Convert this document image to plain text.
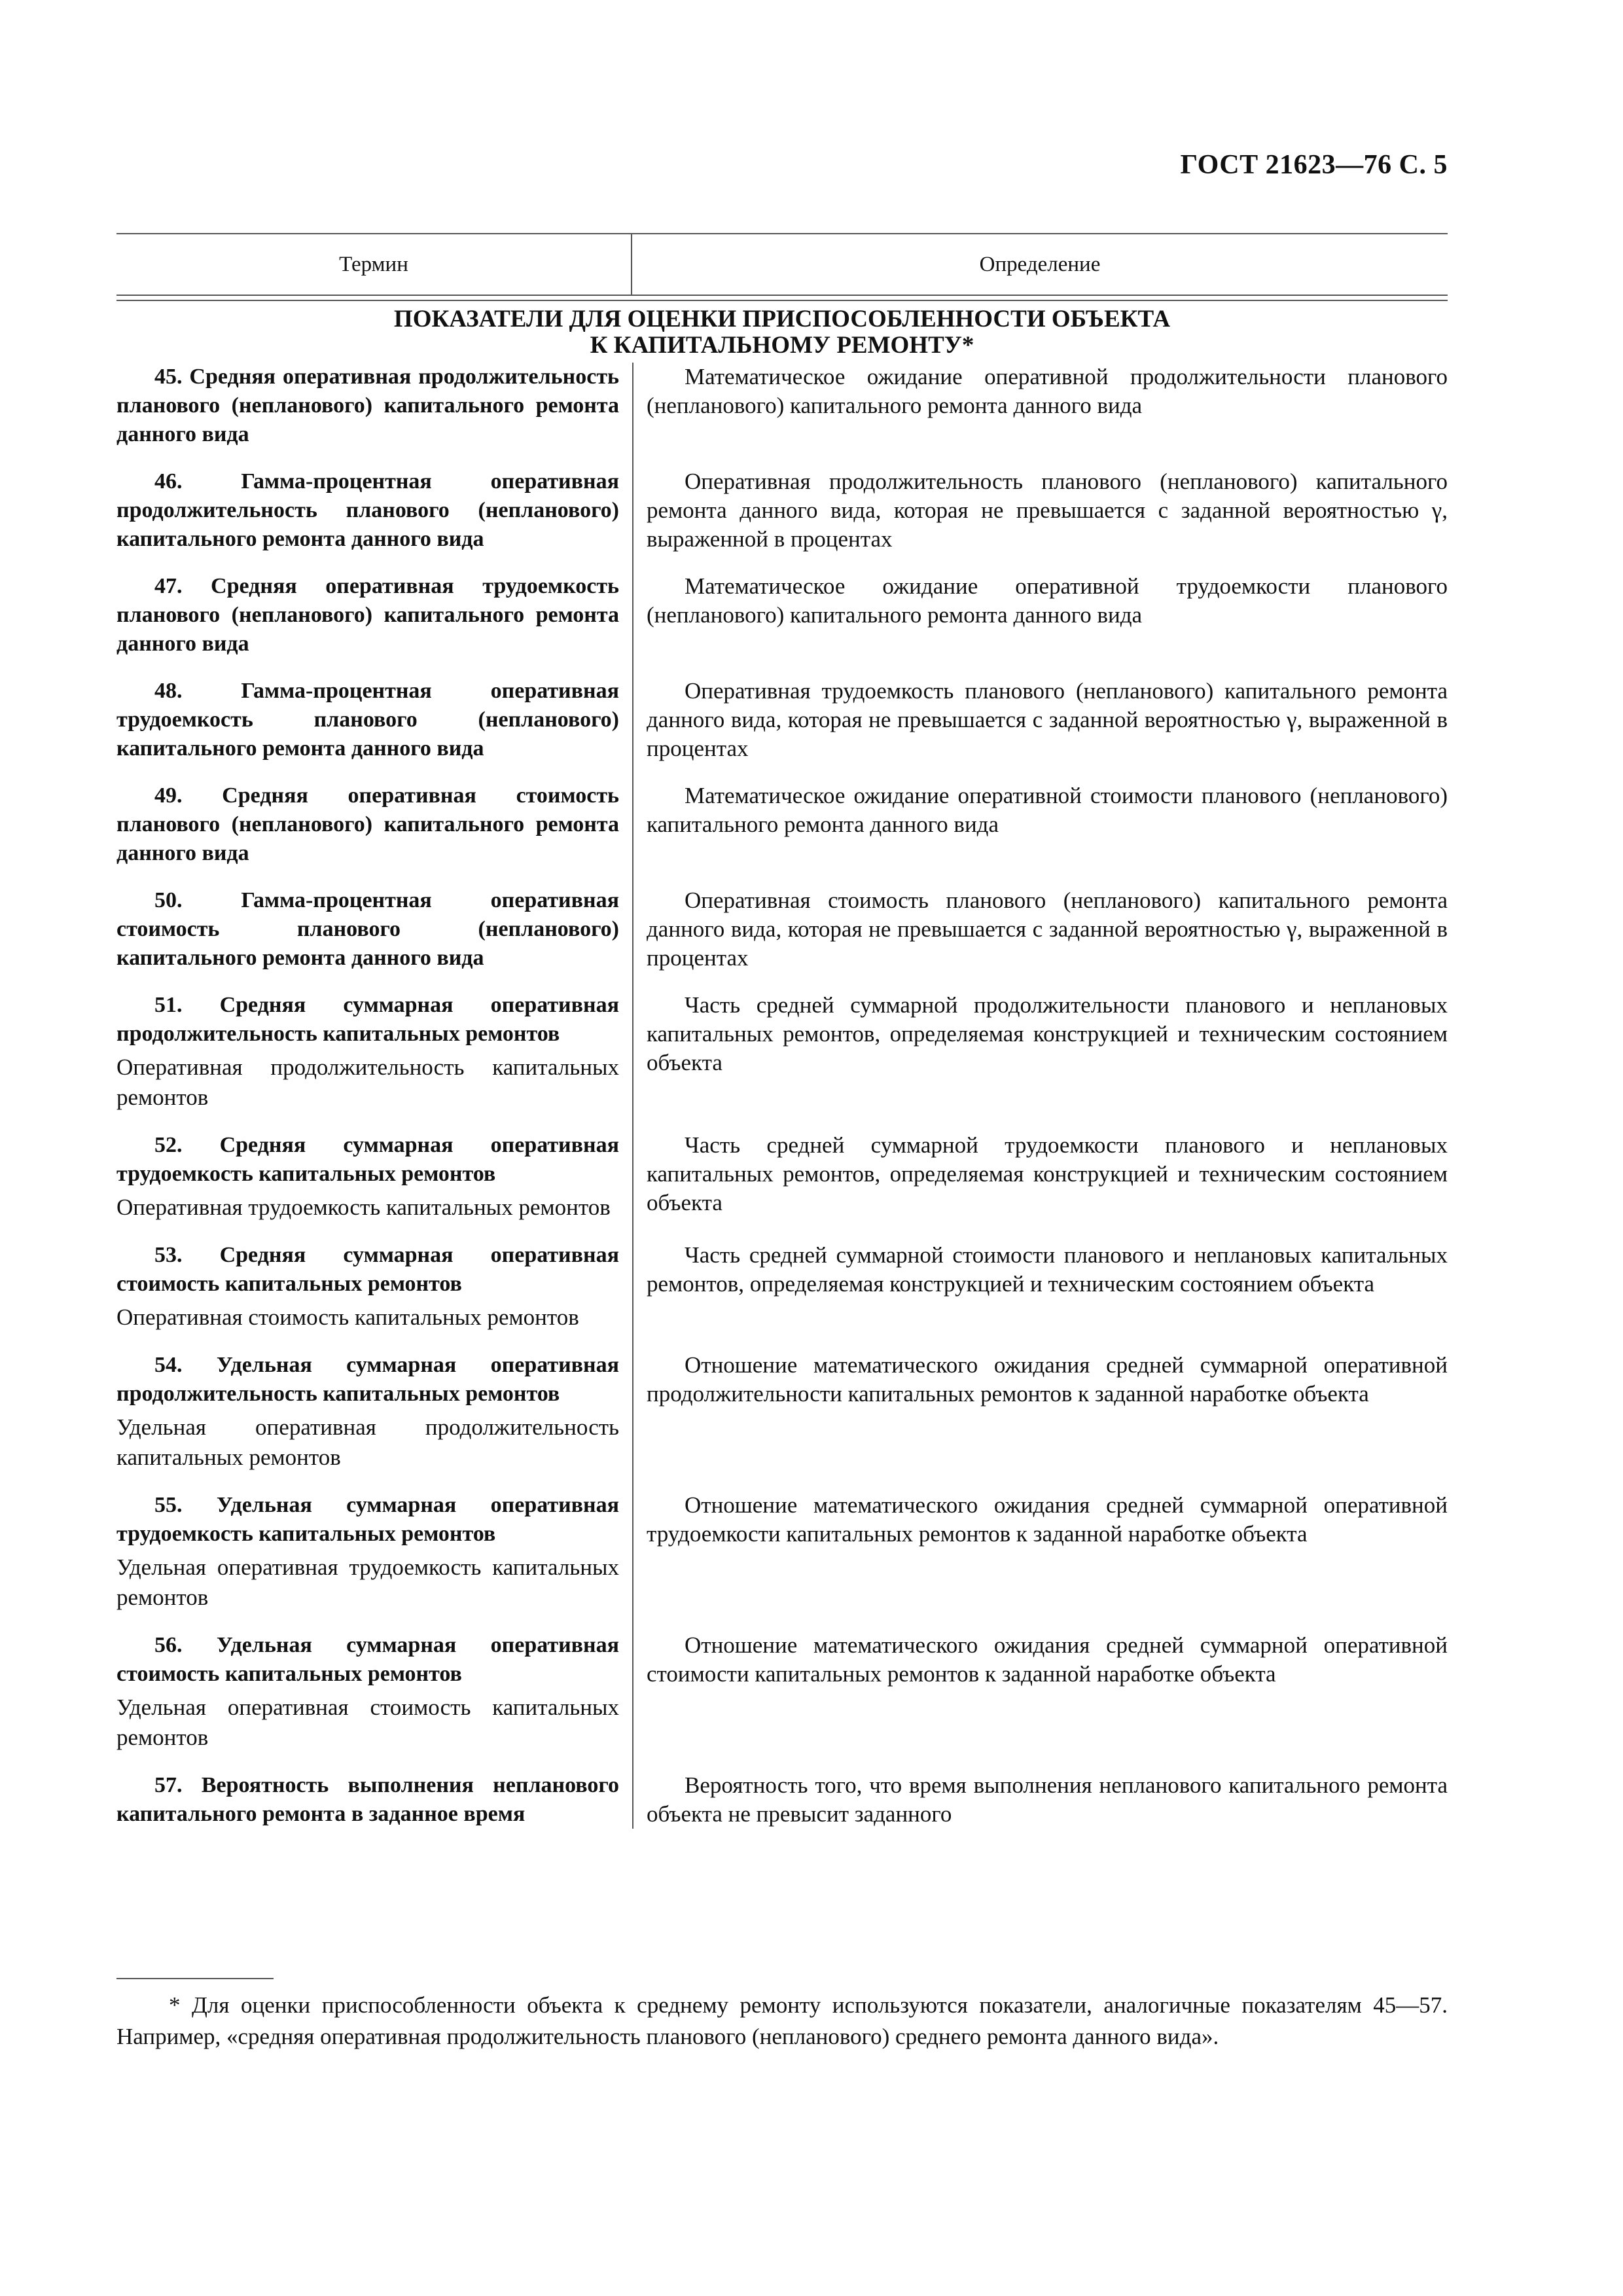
ГОСТ 21623—76 С. 5
Термин	Определение
ПОКАЗАТЕЛИ ДЛЯ ОЦЕНКИ ПРИСПОСОБЛЕННОСТИ ОБЪЕКТА
К КАПИТАЛЬНОМУ РЕМОНТУ*

45. Средняя оперативная продолжительность планового (непланового) капитального ремонта данного вида

Математическое ожидание оперативной продолжительности планового (непланового) капитального ремонта данного вида

46. Гамма-процентная оперативная продолжительность планового (непланового) капитального ремонта данного вида

Оперативная продолжительность планового (непланового) капитального ремонта данного вида, которая не превышается с заданной вероятностью γ, выраженной в процентах

47. Средняя оперативная трудоемкость планового (непланового) капитального ремонта данного вида

Математическое ожидание оперативной трудоемкости планового (непланового) капитального ремонта данного вида

48. Гамма-процентная оперативная трудоемкость планового (непланового) капитального ремонта данного вида

Оперативная трудоемкость планового (непланового) капитального ремонта данного вида, которая не превышается с заданной вероятностью γ, выраженной в процентах

49. Средняя оперативная стоимость планового (непланового) капитального ремонта данного вида

Математическое ожидание оперативной стоимости планового (непланового) капитального ремонта данного вида

50. Гамма-процентная оперативная стоимость планового (непланового) капитального ремонта данного вида

Оперативная стоимость планового (непланового) капитального ремонта данного вида, которая не превышается с заданной вероятностью γ, выраженной в процентах

51. Средняя суммарная оперативная продолжительность капитальных ремонтов

Оперативная продолжительность капитальных ремонтов

Часть средней суммарной продолжительности планового и неплановых капитальных ремонтов, определяемая конструкцией и техническим состоянием объекта

52. Средняя суммарная оперативная трудоемкость капитальных ремонтов

Оперативная трудоемкость капитальных ремонтов

Часть средней суммарной трудоемкости планового и неплановых капитальных ремонтов, определяемая конструкцией и техническим состоянием объекта

53. Средняя суммарная оперативная стоимость капитальных ремонтов

Оперативная стоимость капитальных ремонтов

Часть средней суммарной стоимости планового и неплановых капитальных ремонтов, определяемая конструкцией и техническим состоянием объекта

54. Удельная суммарная оперативная продолжительность капитальных ремонтов

Удельная оперативная продолжительность капитальных ремонтов

Отношение математического ожидания средней суммарной оперативной продолжительности капитальных ремонтов к заданной наработке объекта

55. Удельная суммарная оперативная трудоемкость капитальных ремонтов

Удельная оперативная трудоемкость капитальных ремонтов

Отношение математического ожидания средней суммарной оперативной трудоемкости капитальных ремонтов к заданной наработке объекта

56. Удельная суммарная оперативная стоимость капитальных ремонтов

Удельная оперативная стоимость капитальных ремонтов

Отношение математического ожидания средней суммарной оперативной стоимости капитальных ремонтов к заданной наработке объекта

57. Вероятность выполнения непланового капитального ремонта в заданное время

Вероятность того, что время выполнения непланового капитального ремонта объекта не превысит заданного

* Для оценки приспособленности объекта к среднему ремонту используются показатели, аналогичные показателям 45—57. Например, «средняя оперативная продолжительность планового (непланового) среднего ремонта данного вида».
